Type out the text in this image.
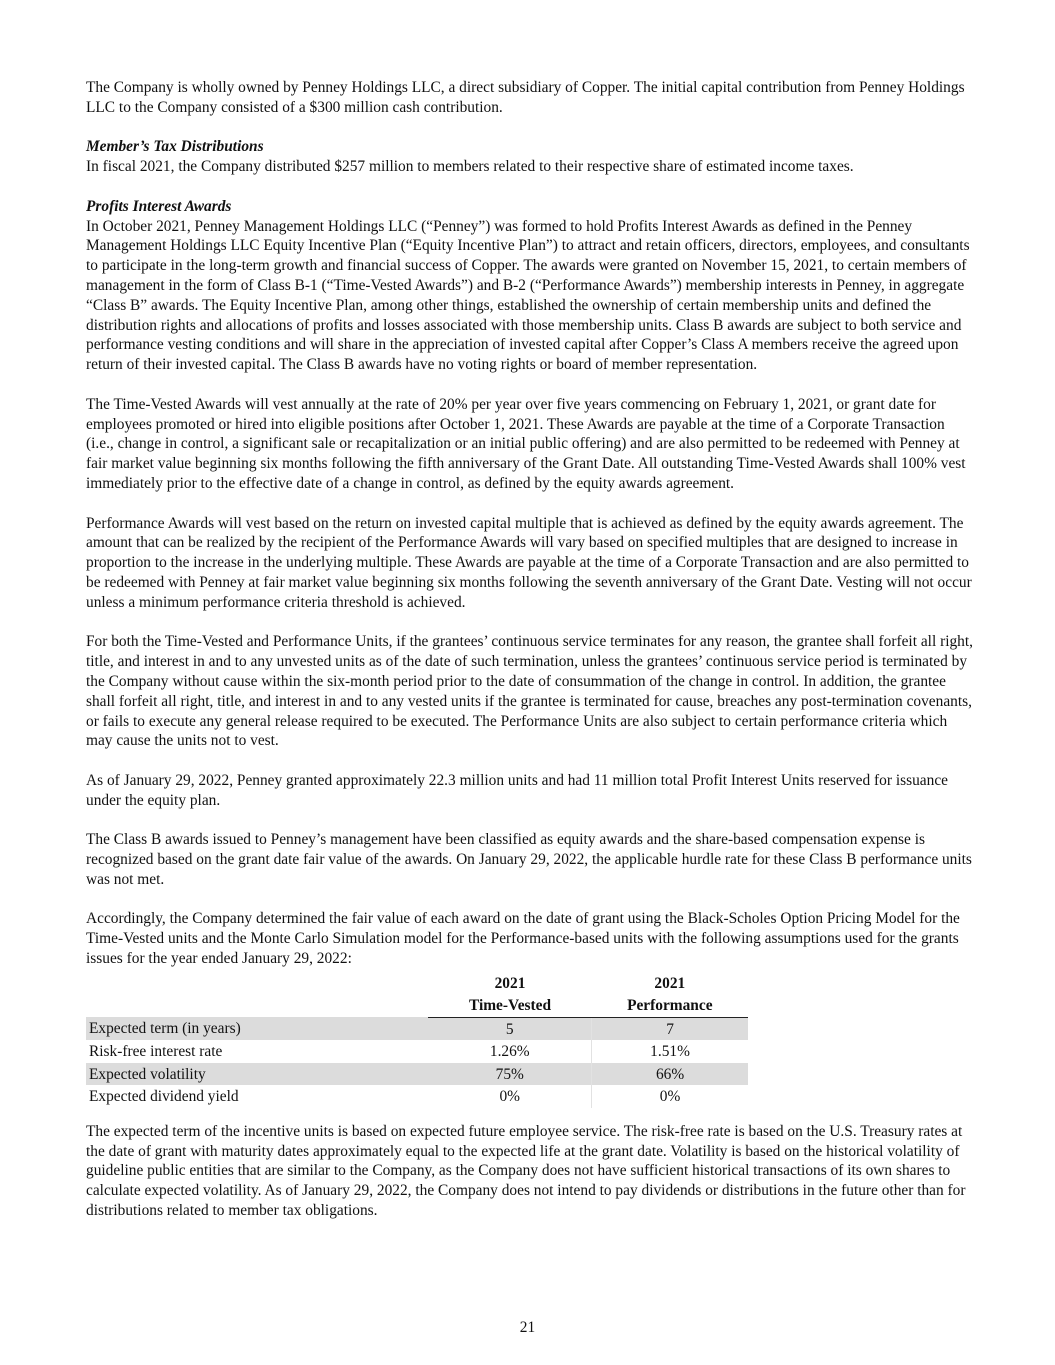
The Company is wholly owned by Penney Holdings LLC, a direct subsidiary of Copper. The initial capital contribution from Penney Holdings LLC to the Company consisted of a $300 million cash contribution.

Member’s Tax Distributions

In fiscal 2021, the Company distributed $257 million to members related to their respective share of estimated income taxes.

Profits Interest Awards

In October 2021, Penney Management Holdings LLC (“Penney”) was formed to hold Profits Interest Awards as defined in the Penney Management Holdings LLC Equity Incentive Plan (“Equity Incentive Plan”) to attract and retain officers, directors, employees, and consultants to participate in the long-term growth and financial success of Copper. The awards were granted on November 15, 2021, to certain members of management in the form of Class B-1 (“Time-Vested Awards”) and B-2 (“Performance Awards”) membership interests in Penney, in aggregate “Class B” awards. The Equity Incentive Plan, among other things, established the ownership of certain membership units and defined the distribution rights and allocations of profits and losses associated with those membership units. Class B awards are subject to both service and performance vesting conditions and will share in the appreciation of invested capital after Copper’s Class A members receive the agreed upon return of their invested capital. The Class B awards have no voting rights or board of member representation.

The Time-Vested Awards will vest annually at the rate of 20% per year over five years commencing on February 1, 2021, or grant date for employees promoted or hired into eligible positions after October 1, 2021. These Awards are payable at the time of a Corporate Transaction (i.e., change in control, a significant sale or recapitalization or an initial public offering) and are also permitted to be redeemed with Penney at fair market value beginning six months following the fifth anniversary of the Grant Date. All outstanding Time-Vested Awards shall 100% vest immediately prior to the effective date of a change in control, as defined by the equity awards agreement.

Performance Awards will vest based on the return on invested capital multiple that is achieved as defined by the equity awards agreement. The amount that can be realized by the recipient of the Performance Awards will vary based on specified multiples that are designed to increase in proportion to the increase in the underlying multiple. These Awards are payable at the time of a Corporate Transaction and are also permitted to be redeemed with Penney at fair market value beginning six months following the seventh anniversary of the Grant Date. Vesting will not occur unless a minimum performance criteria threshold is achieved.

For both the Time-Vested and Performance Units, if the grantees’ continuous service terminates for any reason, the grantee shall forfeit all right, title, and interest in and to any unvested units as of the date of such termination, unless the grantees’ continuous service period is terminated by the Company without cause within the six-month period prior to the date of consummation of the change in control. In addition, the grantee shall forfeit all right, title, and interest in and to any vested units if the grantee is terminated for cause, breaches any post-termination covenants, or fails to execute any general release required to be executed. The Performance Units are also subject to certain performance criteria which may cause the units not to vest.

As of January 29, 2022, Penney granted approximately 22.3 million units and had 11 million total Profit Interest Units reserved for issuance under the equity plan.

The Class B awards issued to Penney’s management have been classified as equity awards and the share-based compensation expense is recognized based on the grant date fair value of the awards. On January 29, 2022, the applicable hurdle rate for these Class B performance units was not met.

Accordingly, the Company determined the fair value of each award on the date of grant using the Black-Scholes Option Pricing Model for the Time-Vested units and the Monte Carlo Simulation model for the Performance-based units with the following assumptions used for the grants issues for the year ended January 29, 2022:

	2021	2021
	Time-Vested	Performance
Expected term (in years)	5	7
Risk-free interest rate	1.26%	1.51%
Expected volatility	75%	66%
Expected dividend yield	0%	0%

The expected term of the incentive units is based on expected future employee service. The risk-free rate is based on the U.S. Treasury rates at the date of grant with maturity dates approximately equal to the expected life at the grant date. Volatility is based on the historical volatility of guideline public entities that are similar to the Company, as the Company does not have sufficient historical transactions of its own shares to calculate expected volatility. As of January 29, 2022, the Company does not intend to pay dividends or distributions in the future other than for distributions related to member tax obligations.

21
